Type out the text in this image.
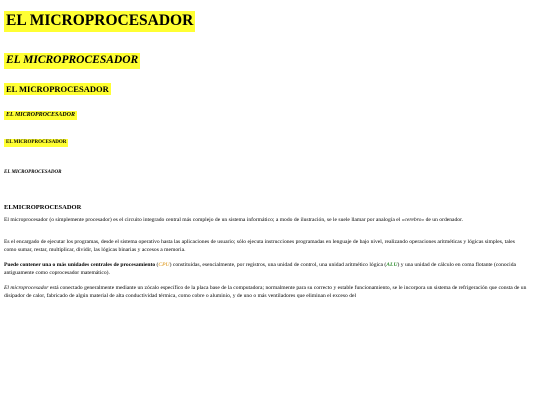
EL MICROPROCESADOR
EL MICROPROCESADOR
EL MICROPROCESADOR
EL MICROPROCESADOR
EL MICROPROCESADOR
EL MICROPROCESADOR
ELMICROPROCESADOR

El microprocesador (o simplemente procesador) es el circuito integrado central más complejo de un sistema informático; a modo de ilustración, se le suele llamar por analogía el «cerebro» de un ordenador.

Es el encargado de ejecutar los programas, desde el sistema operativo hasta las aplicaciones de usuario; sólo ejecuta instrucciones programadas en lenguaje de bajo nivel, realizando operaciones aritméticas y lógicas simples, tales como sumar, restar, multiplicar, dividir, las lógicas binarias y accesos a memoria.

Puede contener una o más unidades centrales de procesamiento (CPU) constituidas, esencialmente, por registros, una unidad de control, una unidad aritmético lógica (ALU) y una unidad de cálculo en coma flotante (conocida antiguamente como coprocesador matemático).

El microprocesador está conectado generalmente mediante un zócalo específico de la placa base de la computadora; normalmente para su correcto y estable funcionamiento, se le incorpora un sistema de refrigeración que consta de un disipador de calor, fabricado de algún material de alta conductividad térmica, como cobre o aluminio, y de uno o más ventiladores que eliminan el exceso del
